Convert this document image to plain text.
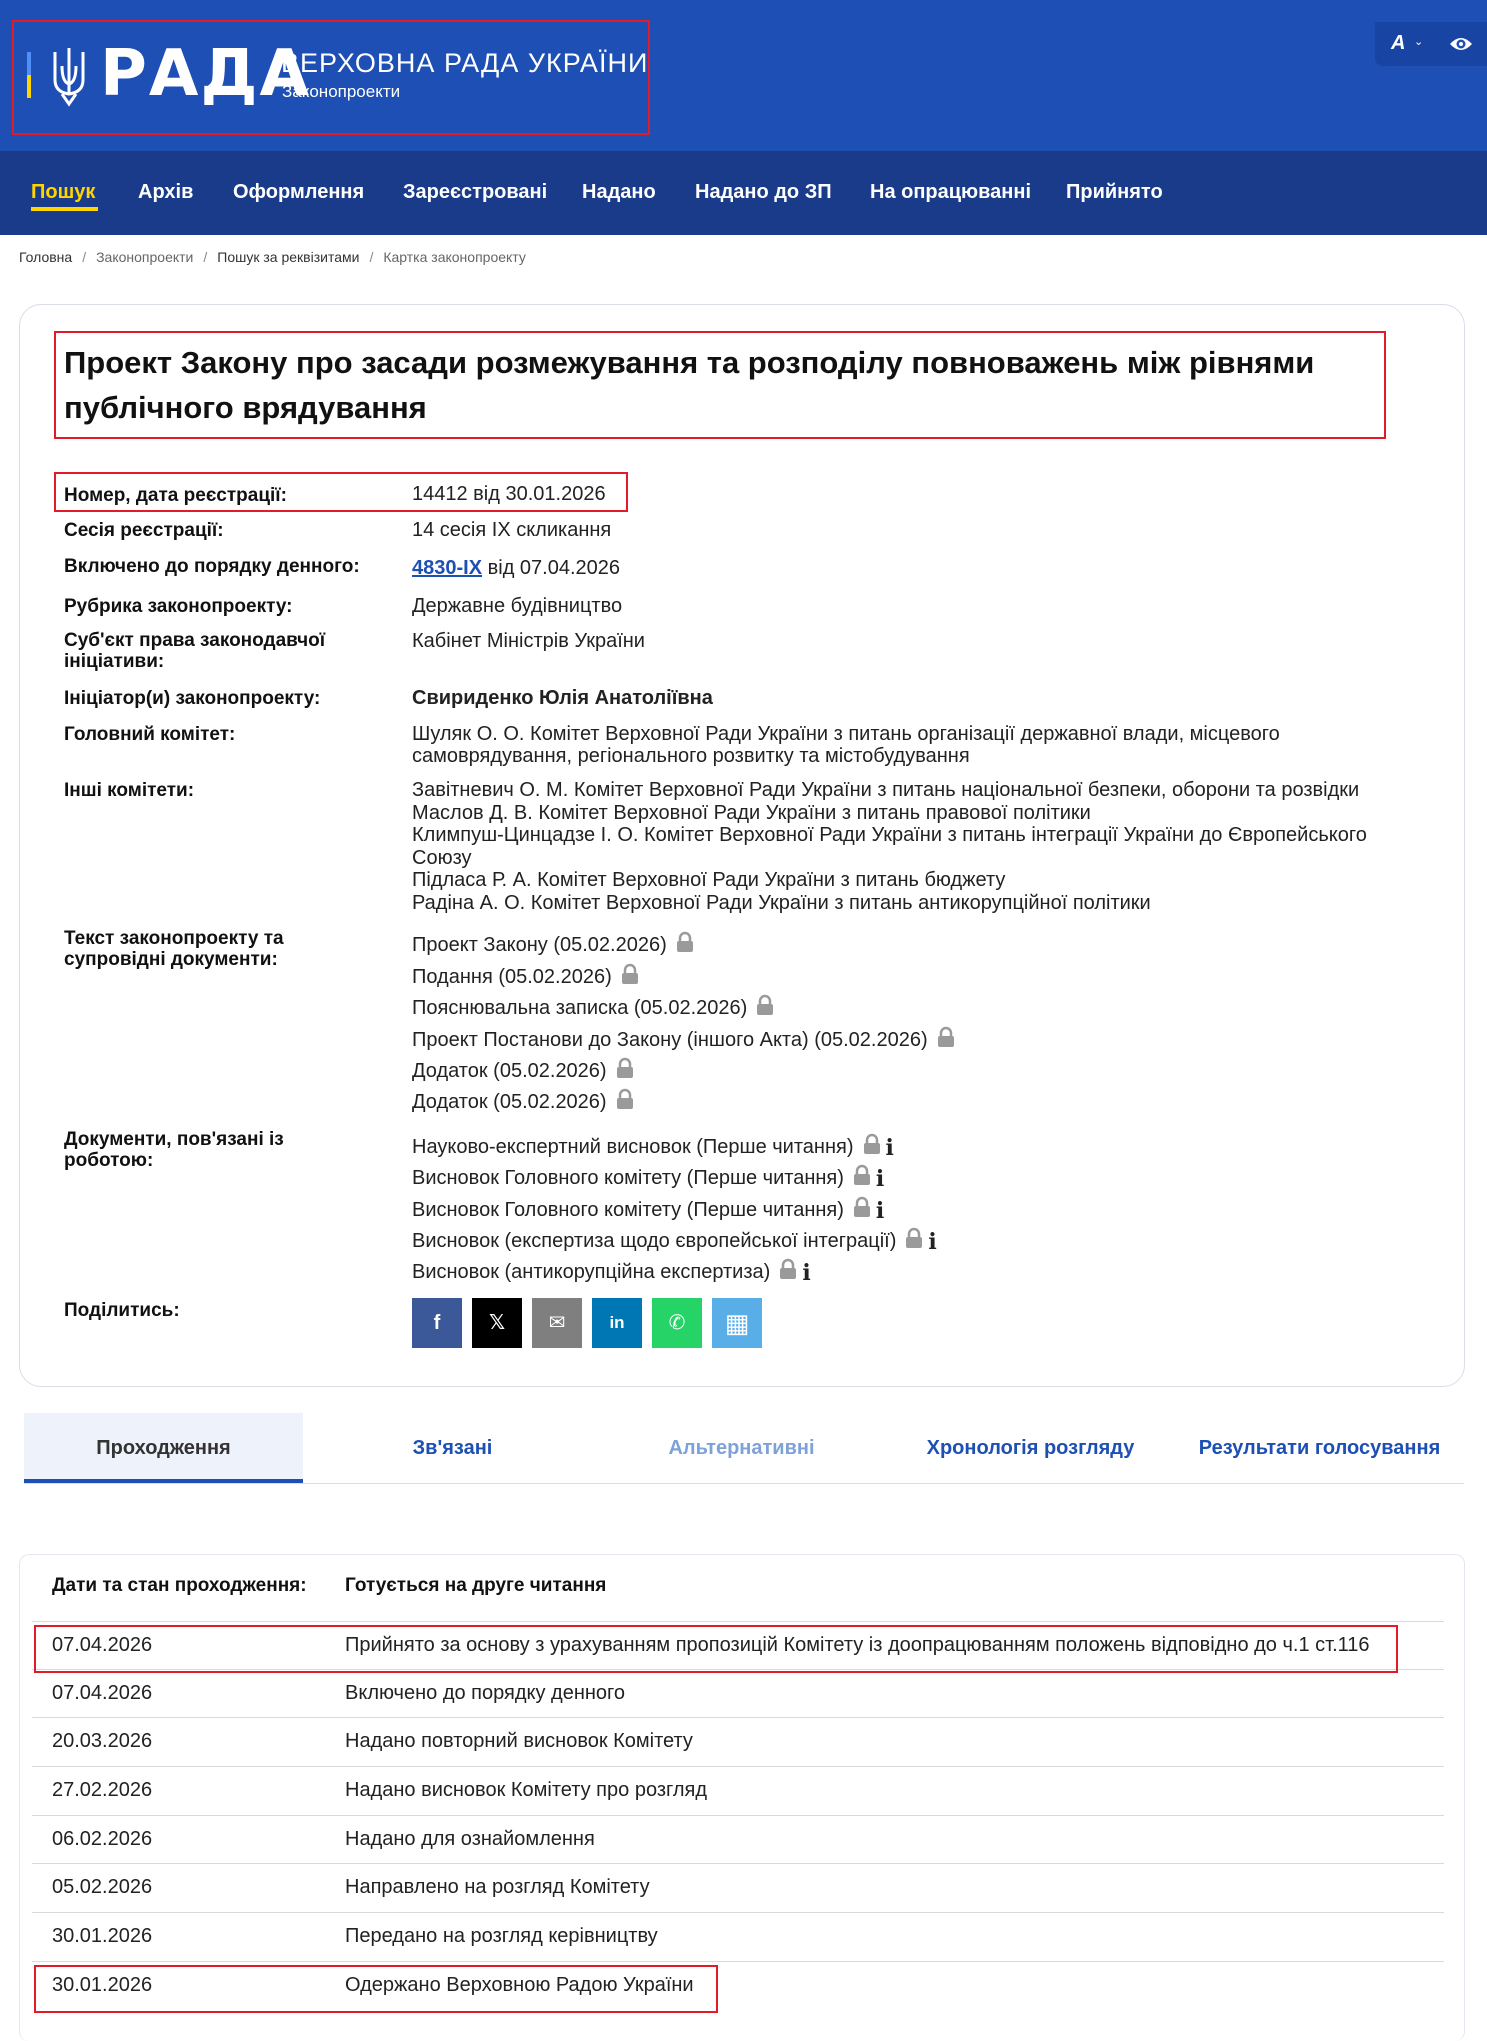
РАДА
ВЕРХОВНА РАДА УКРАЇНИ
Законопроекти
A ⌄
Пошук Архів Оформлення Зареєстровані Надано Надано до ЗП На опрацюванні Прийнято
Головна / Законопроекти / Пошук за реквізитами / Картка законопроекту
Проект Закону про засади розмежування та розподілу повноважень між рівнями публічного врядування
Номер, дата реєстрації:	14412 від 30.01.2026
Сесія реєстрації:	14 сесія IX скликання
Включено до порядку денного:	4830-IX від 07.04.2026
Рубрика законопроекту:	Державне будівництво
Суб'єкт права законодавчої ініціативи:
Кабінет Міністрів України
Ініціатор(и) законопроекту:	Свириденко Юлія Анатоліївна
Головний комітет:	Шуляк О. О. Комітет Верховної Ради України з питань організації державної влади, місцевого
самоврядування, регіонального розвитку та містобудування
Інші комітети:	Завітневич О. М. Комітет Верховної Ради України з питань національної безпеки, оборони та розвідки
Маслов Д. В. Комітет Верховної Ради України з питань правової політики
Климпуш-Цинцадзе І. О. Комітет Верховної Ради України з питань інтеграції України до Європейського
Союзу
Підласа Р. А. Комітет Верховної Ради України з питань бюджету
Радіна А. О. Комітет Верховної Ради України з питань антикорупційної політики
Текст законопроекту та супровідні документи:
Проект Закону (05.02.2026)
Подання (05.02.2026)
Пояснювальна записка (05.02.2026)
Проект Постанови до Закону (іншого Акта) (05.02.2026)
Додаток (05.02.2026)
Додаток (05.02.2026)
Документи, пов'язані із роботою:
Науково-експертний висновок (Перше читання) i
Висновок Головного комітету (Перше читання) i
Висновок Головного комітету (Перше читання) i
Висновок (експертиза щодо європейської інтеграції) i
Висновок (антикорупційна експертиза) i
Поділитись:
f	𝕏	✉	in	✆	▦
Проходження	Зв'язані	Альтернативні	Хронологія розгляду	Результати голосування
Дати та стан проходження: Готується на друге читання
07.04.2026	Прийнято за основу з урахуванням пропозицій Комітету із доопрацюванням положень відповідно до ч.1 ст.116
07.04.2026	Включено до порядку денного
20.03.2026	Надано повторний висновок Комітету
27.02.2026	Надано висновок Комітету про розгляд
06.02.2026	Надано для ознайомлення
05.02.2026	Направлено на розгляд Комітету
30.01.2026	Передано на розгляд керівництву
30.01.2026	Одержано Верховною Радою України
